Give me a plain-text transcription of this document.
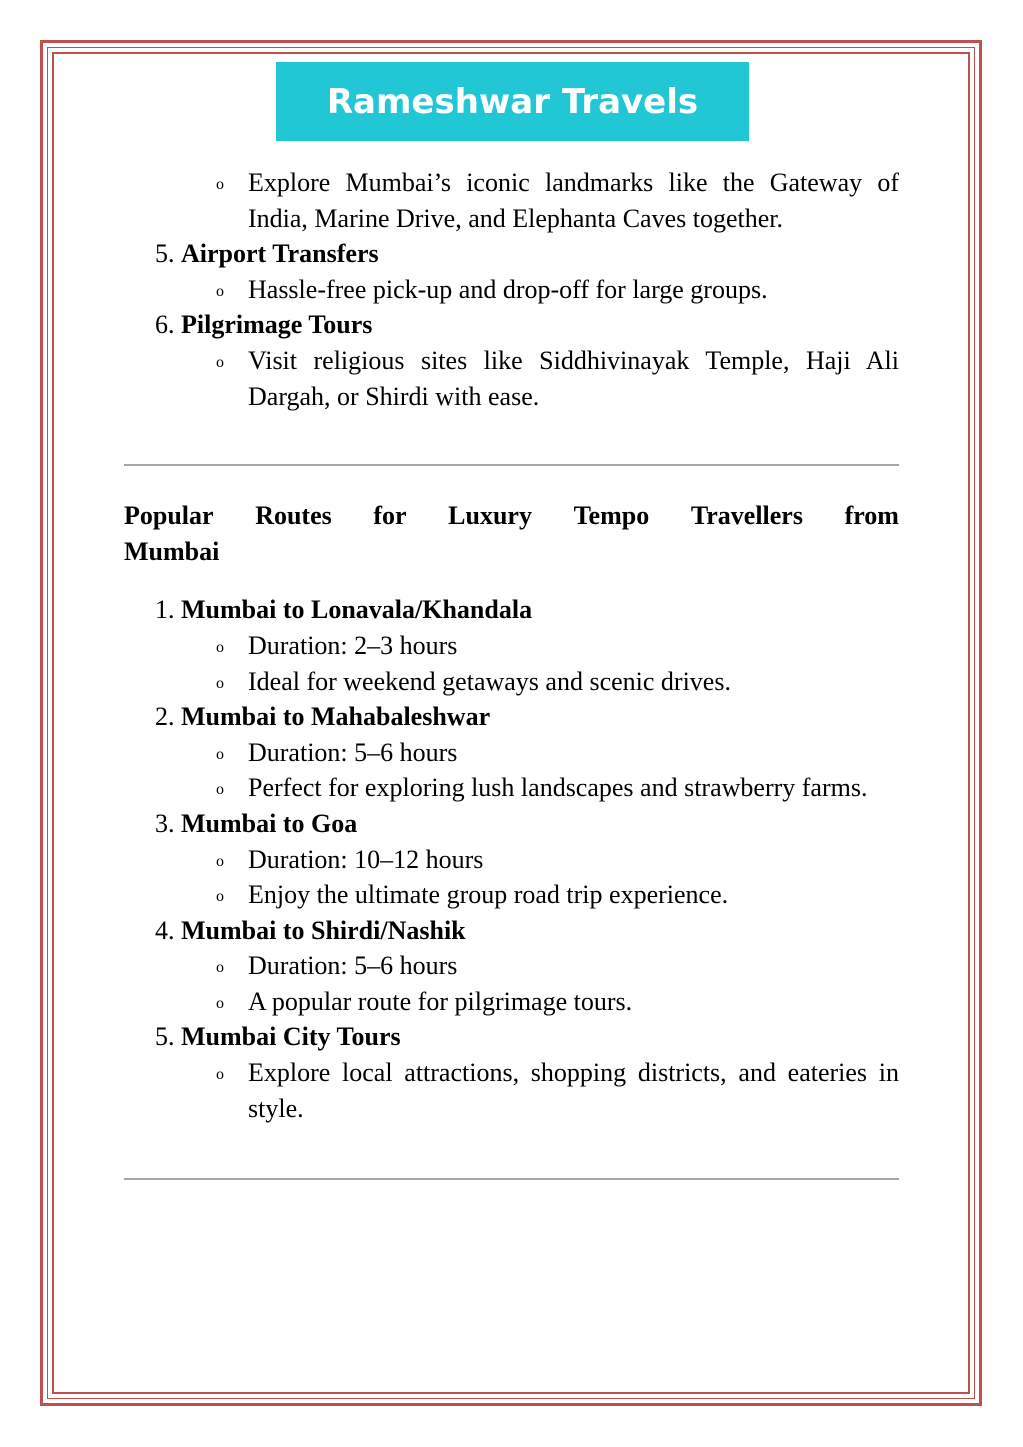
Rameshwar Travels
o Explore Mumbai’s iconic landmarks like the Gateway of India, Marine Drive, and Elephanta Caves together.
5. Airport Transfers
o Hassle-free pick-up and drop-off for large groups.
6. Pilgrimage Tours
o Visit religious sites like Siddhivinayak Temple, Haji Ali Dargah, or Shirdi with ease.
Popular Routes for Luxury Tempo Travellers from
Mumbai
1. Mumbai to Lonavala/Khandala
o Duration: 2–3 hours
o Ideal for weekend getaways and scenic drives.
2. Mumbai to Mahabaleshwar
o Duration: 5–6 hours
o Perfect for exploring lush landscapes and strawberry farms.
3. Mumbai to Goa
o Duration: 10–12 hours
o Enjoy the ultimate group road trip experience.
4. Mumbai to Shirdi/Nashik
o Duration: 5–6 hours
o A popular route for pilgrimage tours.
5. Mumbai City Tours
o Explore local attractions, shopping districts, and eateries in style.
